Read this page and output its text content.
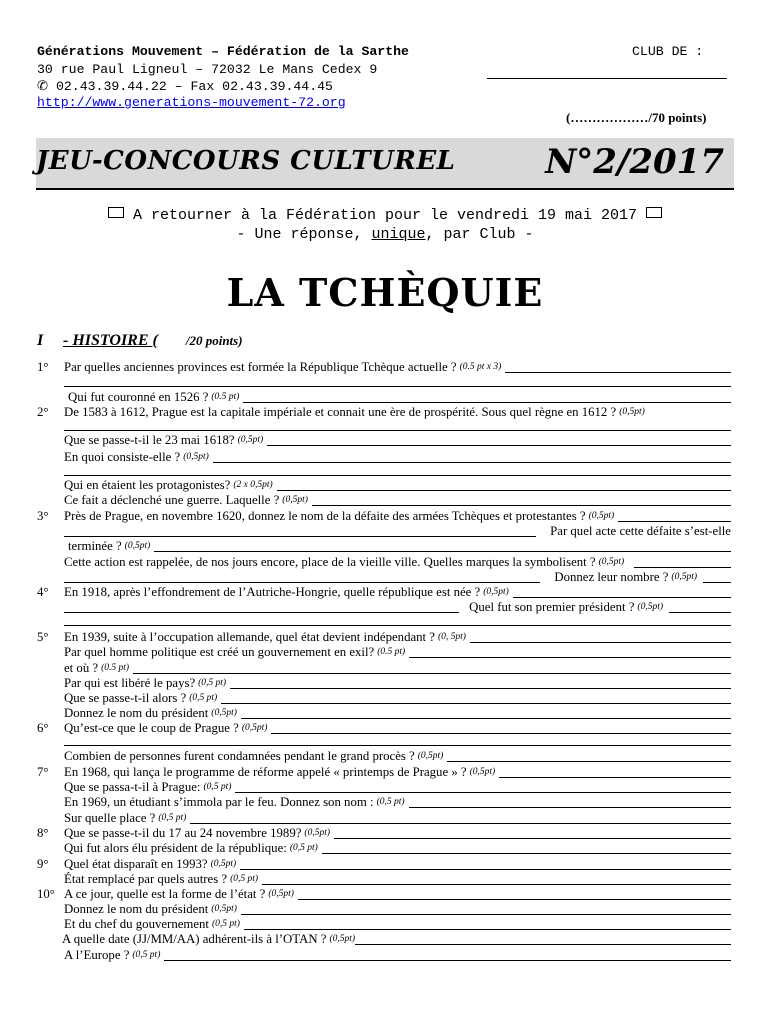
Générations Mouvement – Fédération de la Sarthe	CLUB DE :
30 rue Paul Ligneul – 72032 Le Mans Cedex 9
✆ 02.43.39.44.22 – Fax 02.43.39.44.45
http://www.generations-mouvement-72.org
(………………/70 points)
JEU-CONCOURS CULTUREL	N°2/2017
A retourner à la Fédération pour le vendredi 19 mai 2017
- Une réponse, unique, par Club -
LA TCHÈQUIE
I - HISTOIRE ( /20 points)
1° Par quelles anciennes provinces est formée la République Tchèque actuelle ? (0.5 pt x 3)
Qui fut couronné en 1526 ? (0.5 pt)
2° De 1583 à 1612, Prague est la capitale impériale et connait une ère de prospérité. Sous quel règne en 1612 ? (0,5pt)
Que se passe-t-il le 23 mai 1618? (0,5pt)
En quoi consiste-elle ? (0,5pt)
Qui en étaient les protagonistes? (2 x 0,5pt)
Ce fait a déclenché une guerre. Laquelle ? (0,5pt)
3° Près de Prague, en novembre 1620, donnez le nom de la défaite des armées Tchèques et protestantes ? (0,5pt)
Par quel acte cette défaite s’est-elle
terminée ? (0,5pt)
Cette action est rappelée, de nos jours encore, place de la vieille ville. Quelles marques la symbolisent ? (0,5pt)
Donnez leur nombre ? (0,5pt)
4° En 1918, après l’effondrement de l’Autriche-Hongrie, quelle république est née ? (0,5pt)
Quel fut son premier président ? (0,5pt)
5° En 1939, suite à l’occupation allemande, quel état devient indépendant ? (0, 5pt)
Par quel homme politique est créé un gouvernement en exil? (0.5 pt)
et où ? (0.5 pt)
Par qui est libéré le pays? (0,5 pt)
Que se passe-t-il alors ? (0,5 pt)
Donnez le nom du président (0,5pt)
6° Qu’est-ce que le coup de Prague ? (0,5pt)
Combien de personnes furent condamnées pendant le grand procès ? (0,5pt)
7° En 1968, qui lança le programme de réforme appelé « printemps de Prague » ? (0,5pt)
Que se passa-t-il à Prague: (0,5 pt)
En 1969, un étudiant s’immola par le feu. Donnez son nom : (0,5 pt)
Sur quelle place ? (0,5 pt)
8° Que se passe-t-il du 17 au 24 novembre 1989? (0,5pt)
Qui fut alors élu président de la république: (0,5 pt)
9° Quel état disparaît en 1993? (0,5pt)
État remplacé par quels autres ? (0,5 pt)
10° A ce jour, quelle est la forme de l’état ? (0,5pt)
Donnez le nom du président (0,5pt)
Et du chef du gouvernement (0,5 pt)
A quelle date (JJ/MM/AA) adhérent-ils à l’OTAN ? (0,5pt)
A l’Europe ? (0,5 pt)
